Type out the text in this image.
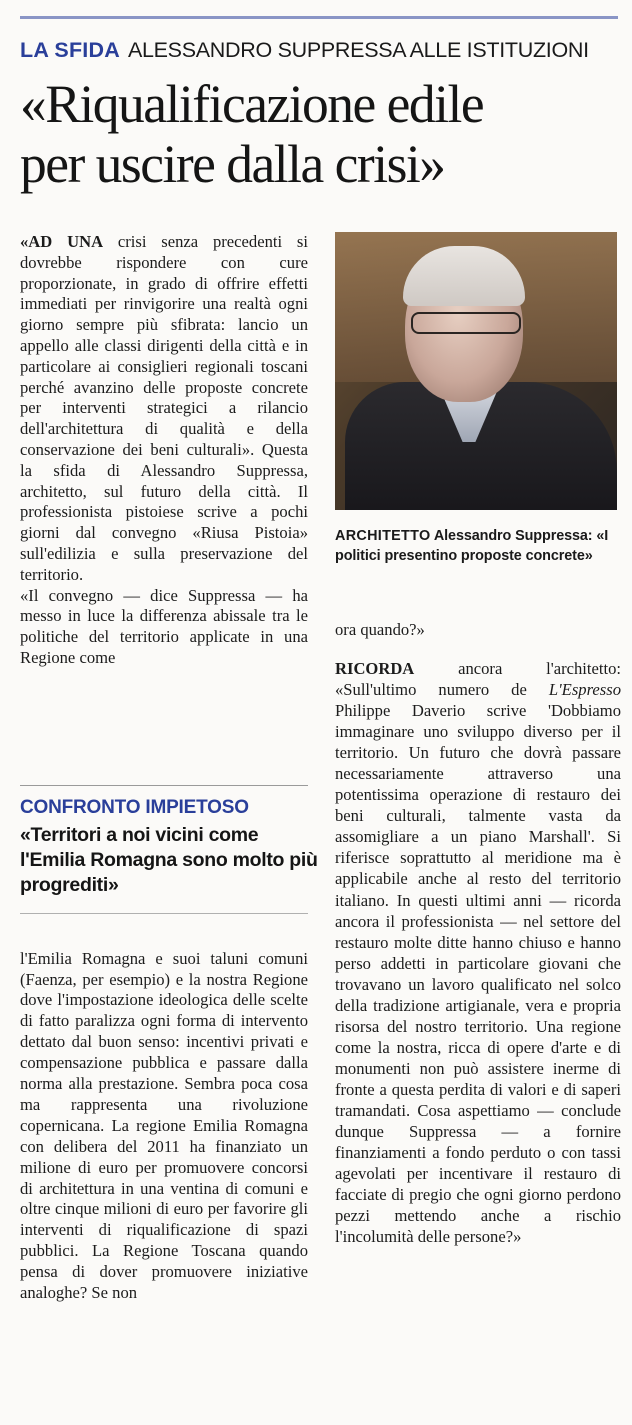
LA SFIDA ALESSANDRO SUPPRESSA ALLE ISTITUZIONI
«Riqualificazione edile
per uscire dalla crisi»

«AD UNA crisi senza precedenti si dovrebbe rispondere con cure proporzionate, in grado di offrire effetti immediati per rinvigorire una realtà ogni giorno sempre più sfibrata: lancio un appello alle classi dirigenti della città e in particolare ai consiglieri regionali toscani perché avanzino delle proposte concrete per interventi strategici a rilancio dell'architettura di qualità e della conservazione dei beni culturali». Questa la sfida di Alessandro Suppressa, architetto, sul futuro della città. Il professionista pistoiese scrive a pochi giorni dal convegno «Riusa Pistoia» sull'edilizia e sulla preservazione del territorio.

«Il convegno — dice Suppressa — ha messo in luce la differenza abissale tra le politiche del territorio applicate in una Regione come

CONFRONTO IMPIETOSO
«Territori a noi vicini come l'Emilia Romagna sono molto più progrediti»

l'Emilia Romagna e suoi taluni comuni (Faenza, per esempio) e la nostra Regione dove l'impostazione ideologica delle scelte di fatto paralizza ogni forma di intervento dettato dal buon senso: incentivi privati e compensazione pubblica e passare dalla norma alla prestazione. Sembra poca cosa ma rappresenta una rivoluzione copernicana. La regione Emilia Romagna con delibera del 2011 ha finanziato un milione di euro per promuovere concorsi di architettura in una ventina di comuni e oltre cinque milioni di euro per favorire gli interventi di riqualificazione di spazi pubblici. La Regione Toscana quando pensa di dover promuovere iniziative analoghe? Se non

ARCHITETTO Alessandro Suppressa: «I politici presentino proposte concrete»
ora quando?»

RICORDA ancora l'architetto: «Sull'ultimo numero de L'Espresso Philippe Daverio scrive 'Dobbiamo immaginare uno sviluppo diverso per il territorio. Un futuro che dovrà passare necessariamente attraverso una potentissima operazione di restauro dei beni culturali, talmente vasta da assomigliare a un piano Marshall'. Si riferisce soprattutto al meridione ma è applicabile anche al resto del territorio italiano. In questi ultimi anni — ricorda ancora il professionista — nel settore del restauro molte ditte hanno chiuso e hanno perso addetti in particolare giovani che trovavano un lavoro qualificato nel solco della tradizione artigianale, vera e propria risorsa del nostro territorio. Una regione come la nostra, ricca di opere d'arte e di monumenti non può assistere inerme di fronte a questa perdita di valori e di saperi tramandati. Cosa aspettiamo — conclude dunque Suppressa — a fornire finanziamenti a fondo perduto o con tassi agevolati per incentivare il restauro di facciate di pregio che ogni giorno perdono pezzi mettendo anche a rischio l'incolumità delle persone?»
